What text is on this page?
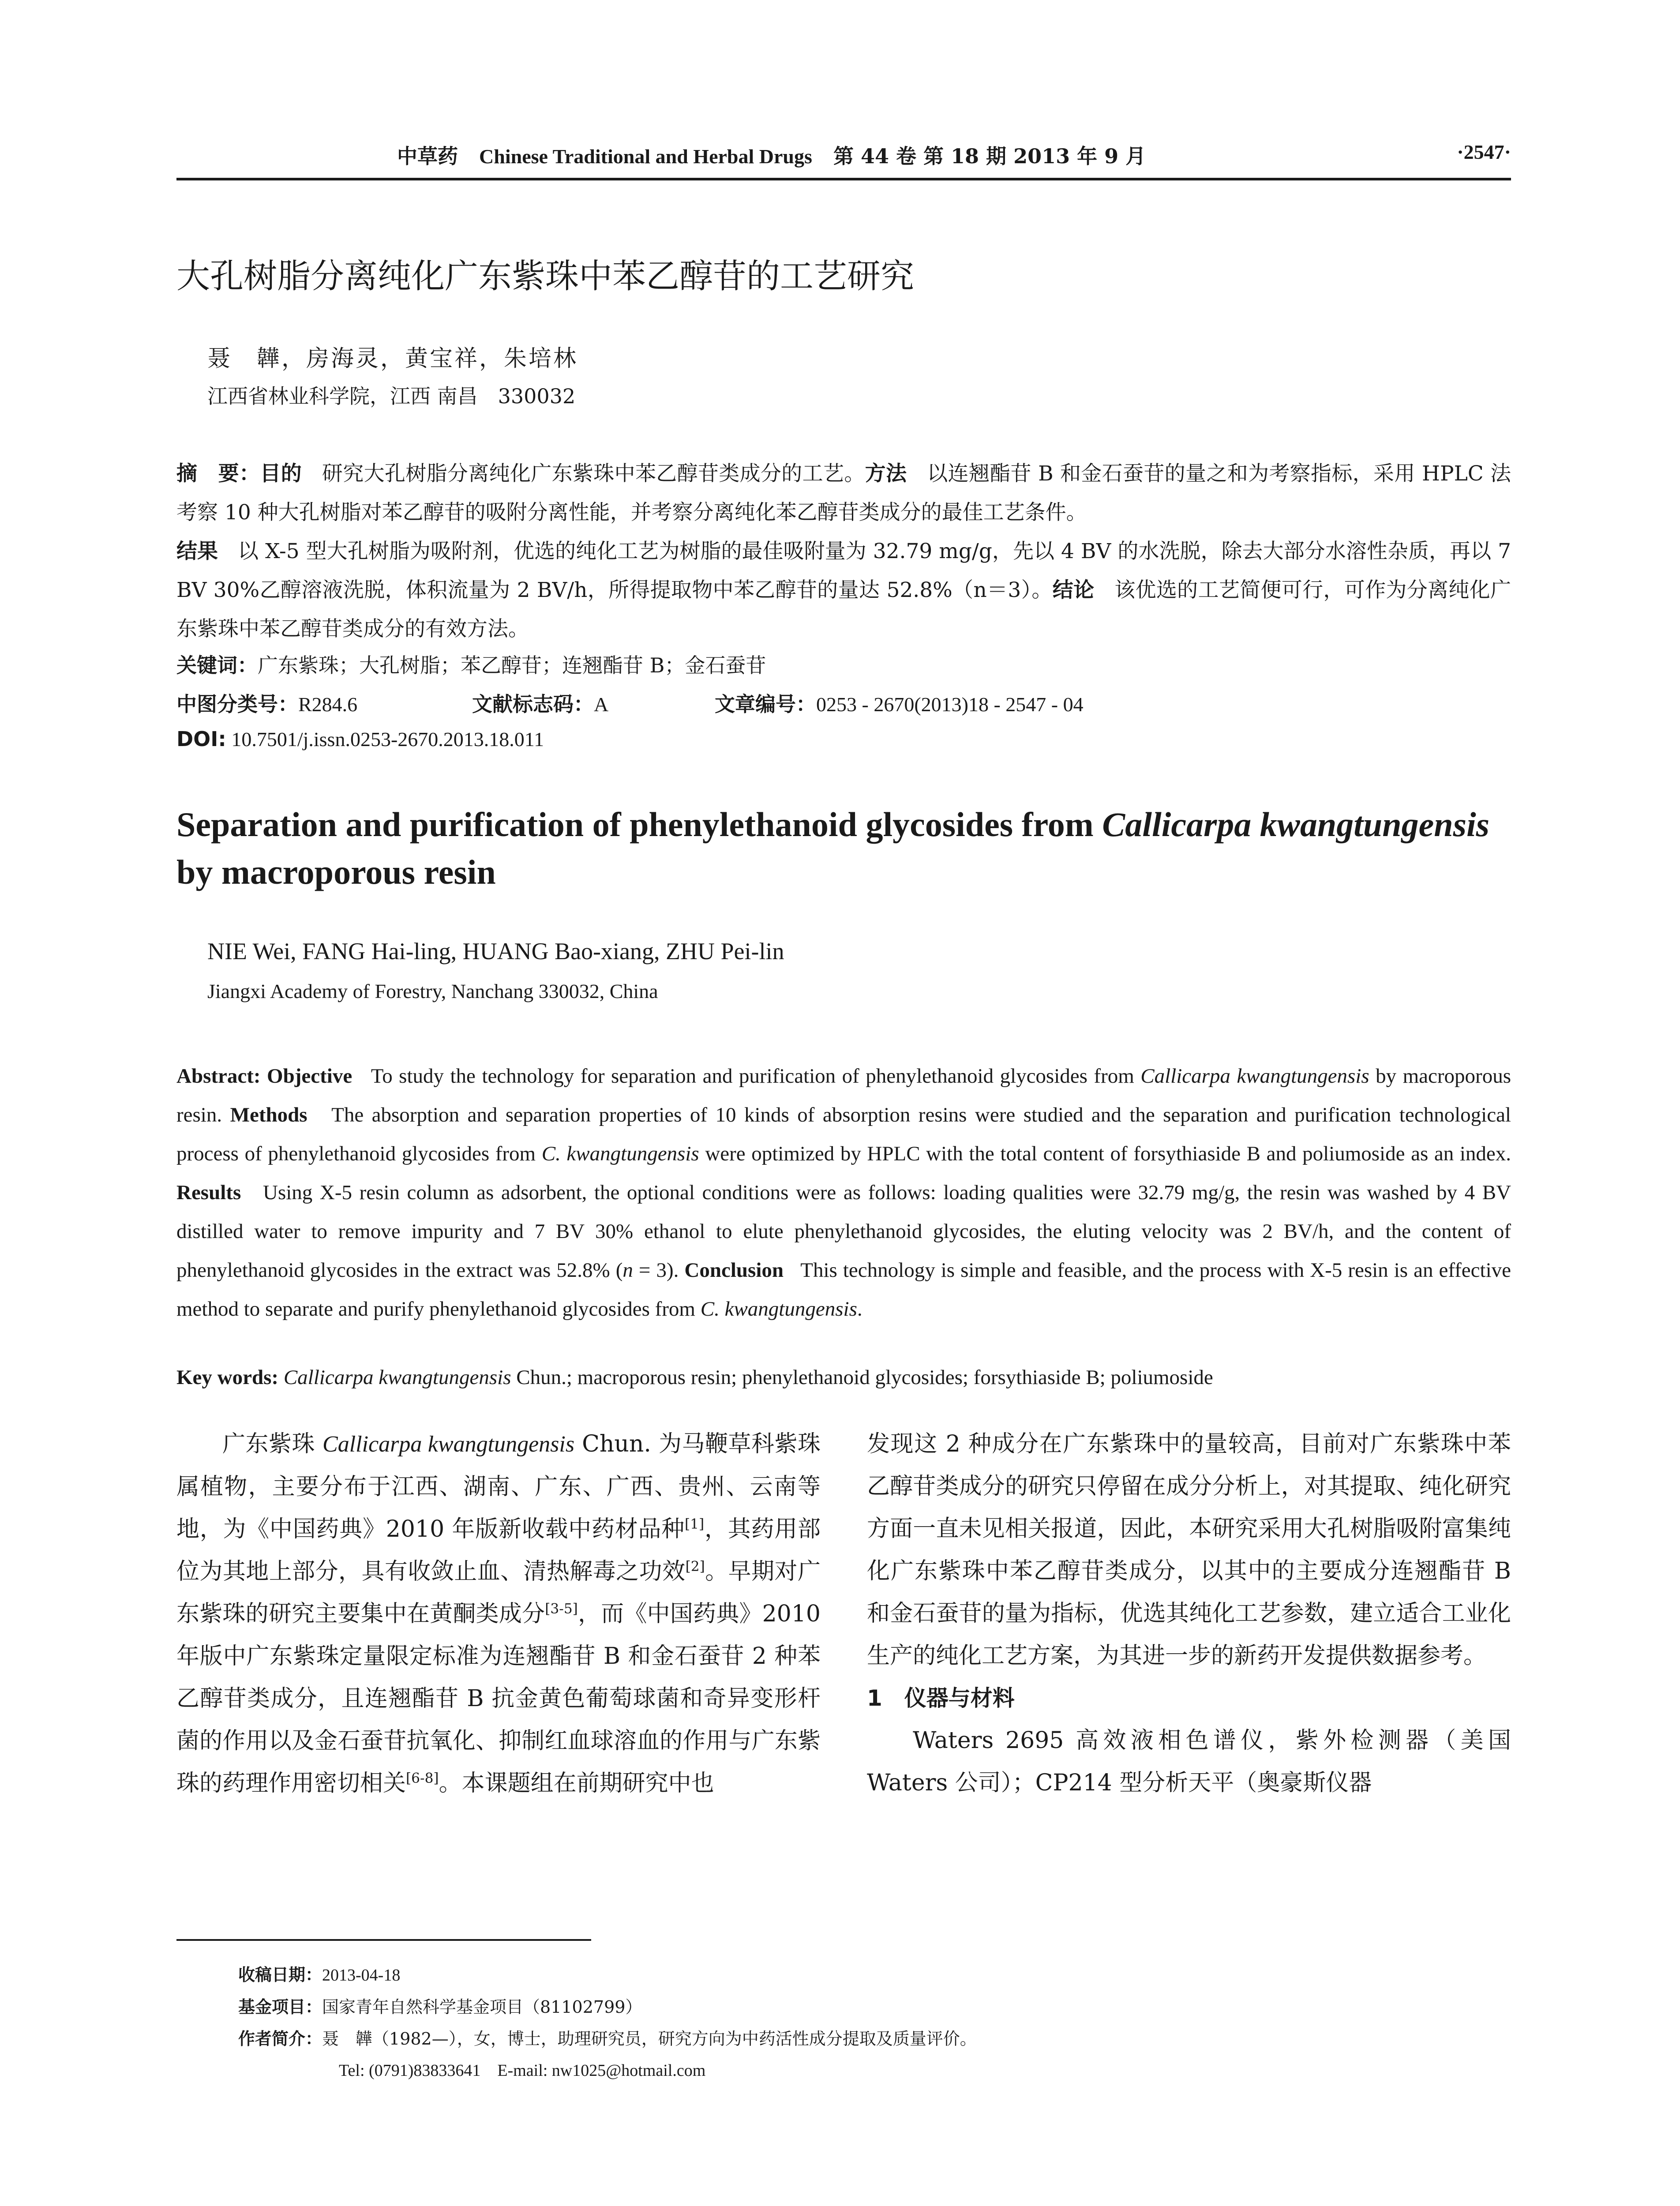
中草药 Chinese Traditional and Herbal Drugs 第 44 卷 第 18 期 2013 年 9 月	·2547·
大孔树脂分离纯化广东紫珠中苯乙醇苷的工艺研究
聂　韡，房海灵，黄宝祥，朱培林
江西省林业科学院，江西 南昌　330032
摘　要：目的 研究大孔树脂分离纯化广东紫珠中苯乙醇苷类成分的工艺。方法 以连翘酯苷 B 和金石蚕苷的量之和为考察指标，采用 HPLC 法考察 10 种大孔树脂对苯乙醇苷的吸附分离性能，并考察分离纯化苯乙醇苷类成分的最佳工艺条件。
结果 以 X-5 型大孔树脂为吸附剂，优选的纯化工艺为树脂的最佳吸附量为 32.79 mg/g，先以 4 BV 的水洗脱，除去大部分水溶性杂质，再以 7 BV 30%乙醇溶液洗脱，体积流量为 2 BV/h，所得提取物中苯乙醇苷的量达 52.8%（n＝3）。结论 该优选的工艺简便可行，可作为分离纯化广东紫珠中苯乙醇苷类成分的有效方法。
关键词：广东紫珠；大孔树脂；苯乙醇苷；连翘酯苷 B；金石蚕苷
中图分类号：R284.6	文献标志码：A	文章编号：0253 - 2670(2013)18 - 2547 - 04
DOI: 10.7501/j.issn.0253-2670.2013.18.011
Separation and purification of phenylethanoid glycosides from Callicarpa kwangtungensis by macroporous resin
NIE Wei, FANG Hai-ling, HUANG Bao-xiang, ZHU Pei-lin
Jiangxi Academy of Forestry, Nanchang 330032, China
Abstract: Objective To study the technology for separation and purification of phenylethanoid glycosides from Callicarpa kwangtungensis by macroporous resin. Methods The absorption and separation properties of 10 kinds of absorption resins were studied and the separation and purification technological process of phenylethanoid glycosides from C. kwangtungensis were optimized by HPLC with the total content of forsythiaside B and poliumoside as an index. Results Using X-5 resin column as adsorbent, the optional conditions were as follows: loading qualities were 32.79 mg/g, the resin was washed by 4 BV distilled water to remove impurity and 7 BV 30% ethanol to elute phenylethanoid glycosides, the eluting velocity was 2 BV/h, and the content of phenylethanoid glycosides in the extract was 52.8% (n = 3). Conclusion This technology is simple and feasible, and the process with X-5 resin is an effective method to separate and purify phenylethanoid glycosides from C. kwangtungensis.
Key words: Callicarpa kwangtungensis Chun.; macroporous resin; phenylethanoid glycosides; forsythiaside B; poliumoside

广东紫珠 Callicarpa kwangtungensis Chun. 为马鞭草科紫珠属植物，主要分布于江西、湖南、广东、广西、贵州、云南等地，为《中国药典》2010 年版新收载中药材品种[1]，其药用部位为其地上部分，具有收敛止血、清热解毒之功效[2]。早期对广东紫珠的研究主要集中在黄酮类成分[3-5]，而《中国药典》2010 年版中广东紫珠定量限定标准为连翘酯苷 B 和金石蚕苷 2 种苯乙醇苷类成分，且连翘酯苷 B 抗金黄色葡萄球菌和奇异变形杆菌的作用以及金石蚕苷抗氧化、抑制红血球溶血的作用与广东紫珠的药理作用密切相关[6-8]。本课题组在前期研究中也

发现这 2 种成分在广东紫珠中的量较高，目前对广东紫珠中苯乙醇苷类成分的研究只停留在成分分析上，对其提取、纯化研究方面一直未见相关报道，因此，本研究采用大孔树脂吸附富集纯化广东紫珠中苯乙醇苷类成分，以其中的主要成分连翘酯苷 B 和金石蚕苷的量为指标，优选其纯化工艺参数，建立适合工业化生产的纯化工艺方案，为其进一步的新药开发提供数据参考。

1　仪器与材料

Waters 2695 高效液相色谱仪，紫外检测器（美国 Waters 公司）；CP214 型分析天平（奥豪斯仪器

收稿日期：2013-04-18
基金项目：国家青年自然科学基金项目（81102799）
作者简介：聂　韡（1982—），女，博士，助理研究员，研究方向为中药活性成分提取及质量评价。
Tel: (0791)83833641　E-mail: nw1025@hotmail.com
